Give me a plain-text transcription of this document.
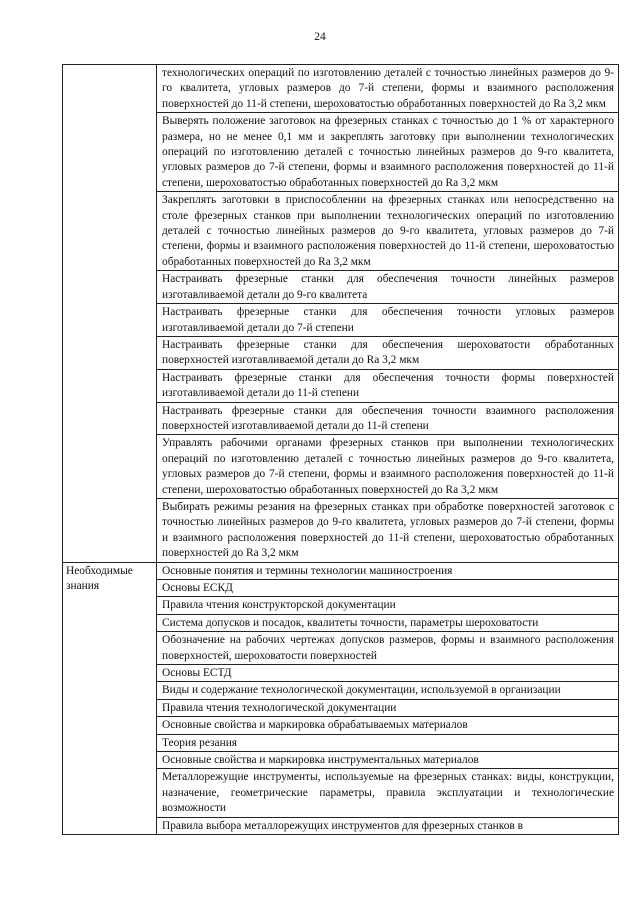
24

	технологических операций по изготовлению деталей с точностью линейных размеров до 9-го квалитета, угловых размеров до 7-й степени, формы и взаимного расположения поверхностей до 11-й степени, шероховатостью обработанных поверхностей до Ra 3,2 мкм

	Выверять положение заготовок на фрезерных станках с точностью до 1 % от характерного размера, но не менее 0,1 мм и закреплять заготовку при выполнении технологических операций по изготовлению деталей с точностью линейных размеров до 9-го квалитета, угловых размеров до 7-й степени, формы и взаимного расположения поверхностей до 11-й степени, шероховатостью обработанных поверхностей до Ra 3,2 мкм

	Закреплять заготовки в приспособлении на фрезерных станках или непосредственно на столе фрезерных станков при выполнении технологических операций по изготовлению деталей с точностью линейных размеров до 9-го квалитета, угловых размеров до 7-й степени, формы и взаимного расположения поверхностей до 11-й степени, шероховатостью обработанных поверхностей до Ra 3,2 мкм

	Настраивать фрезерные станки для обеспечения точности линейных размеров изготавливаемой детали до 9-го квалитета

	Настраивать фрезерные станки для обеспечения точности угловых размеров изготавливаемой детали до 7-й степени

	Настраивать фрезерные станки для обеспечения шероховатости обработанных поверхностей изготавливаемой детали до Ra 3,2 мкм

	Настраивать фрезерные станки для обеспечения точности формы поверхностей изготавливаемой детали до 11-й степени

	Настраивать фрезерные станки для обеспечения точности взаимного расположения поверхностей изготавливаемой детали до 11-й степени

	Управлять рабочими органами фрезерных станков при выполнении технологических операций по изготовлению деталей с точностью линейных размеров до 9-го квалитета, угловых размеров до 7-й степени, формы и взаимного расположения поверхностей до 11-й степени, шероховатостью обработанных поверхностей до Ra 3,2 мкм

	Выбирать режимы резания на фрезерных станках при обработке поверхностей заготовок с точностью линейных размеров до 9-го квалитета, угловых размеров до 7-й степени, формы и взаимного расположения поверхностей до 11-й степени, шероховатостью обработанных поверхностей до Ra 3,2 мкм

Необходимые знания	Основные понятия и термины технологии машиностроения

	Основы ЕСКД

	Правила чтения конструкторской документации

	Система допусков и посадок, квалитеты точности, параметры шероховатости

	Обозначение на рабочих чертежах допусков размеров, формы и взаимного расположения поверхностей, шероховатости поверхностей

	Основы ЕСТД

	Виды и содержание технологической документации, используемой в организации

	Правила чтения технологической документации

	Основные свойства и маркировка обрабатываемых материалов

	Теория резания

	Основные свойства и маркировка инструментальных материалов

	Металлорежущие инструменты, используемые на фрезерных станках: виды, конструкции, назначение, геометрические параметры, правила эксплуатации и технологические возможности

	Правила выбора металлорежущих инструментов для фрезерных станков в
